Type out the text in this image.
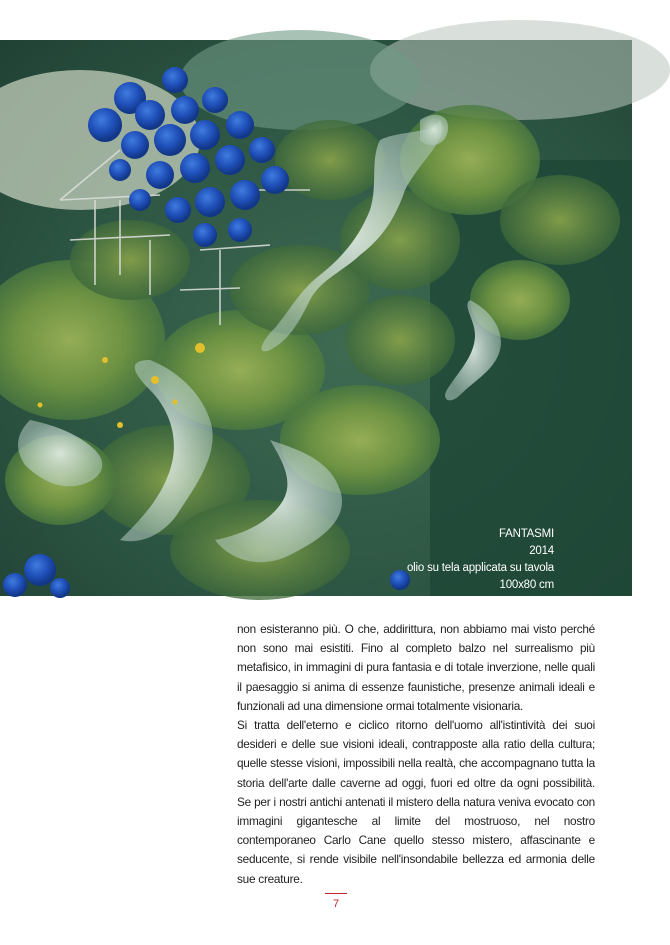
FANTASMI
2014
olio su tela applicata su tavola
100x80 cm
(Particolare)

non esisteranno più. O che, addirittura, non abbiamo mai visto perché non sono mai esistiti. Fino al completo balzo nel surrealismo più metafisico, in immagini di pura fantasia e di totale inverzione, nelle quali il paesaggio si anima di essenze faunistiche, presenze animali ideali e funzionali ad una dimensione ormai totalmente visionaria.

Si tratta dell'eterno e ciclico ritorno dell'uomo all'istintività dei suoi desideri e delle sue visioni ideali, contrapposte alla ratio della cultura; quelle stesse visioni, impossibili nella realtà, che accompagnano tutta la storia dell'arte dalle caverne ad oggi, fuori ed oltre da ogni possibilità. Se per i nostri antichi antenati il mistero della natura veniva evocato con immagini gigantesche al limite del mostruoso, nel nostro contemporaneo Carlo Cane quello stesso mistero, affascinante e seducente, si rende visibile nell'insondabile bellezza ed armonia delle sue creature.

7
